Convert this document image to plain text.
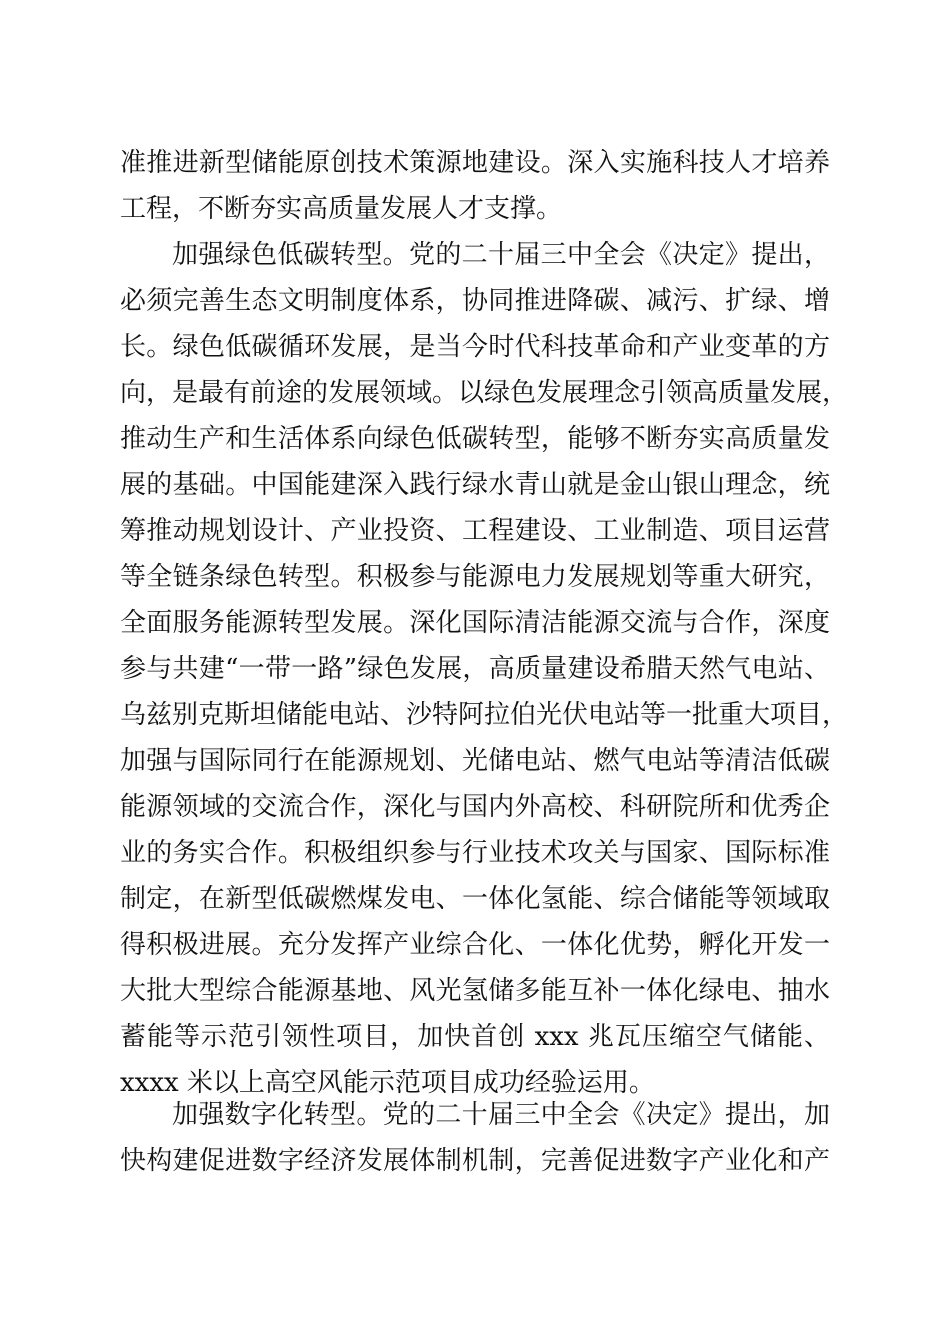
准推进新型储能原创技术策源地建设。深入实施科技人才培养
工程，不断夯实高质量发展人才支撑。
加强绿色低碳转型。党的二十届三中全会《决定》提出，
必须完善生态文明制度体系，协同推进降碳、减污、扩绿、增
长。绿色低碳循环发展，是当今时代科技革命和产业变革的方
向，是最有前途的发展领域。以绿色发展理念引领高质量发展，
推动生产和生活体系向绿色低碳转型，能够不断夯实高质量发
展的基础。中国能建深入践行绿水青山就是金山银山理念，统
筹推动规划设计、产业投资、工程建设、工业制造、项目运营
等全链条绿色转型。积极参与能源电力发展规划等重大研究，
全面服务能源转型发展。深化国际清洁能源交流与合作，深度
参与共建“一带一路”绿色发展，高质量建设希腊天然气电站、
乌兹别克斯坦储能电站、沙特阿拉伯光伏电站等一批重大项目，
加强与国际同行在能源规划、光储电站、燃气电站等清洁低碳
能源领域的交流合作，深化与国内外高校、科研院所和优秀企
业的务实合作。积极组织参与行业技术攻关与国家、国际标准
制定，在新型低碳燃煤发电、一体化氢能、综合储能等领域取
得积极进展。充分发挥产业综合化、一体化优势，孵化开发一
大批大型综合能源基地、风光氢储多能互补一体化绿电、抽水
蓄能等示范引领性项目，加快首创 xxx 兆瓦压缩空气储能、
xxxx 米以上高空风能示范项目成功经验运用。
加强数字化转型。党的二十届三中全会《决定》提出，加
快构建促进数字经济发展体制机制，完善促进数字产业化和产
